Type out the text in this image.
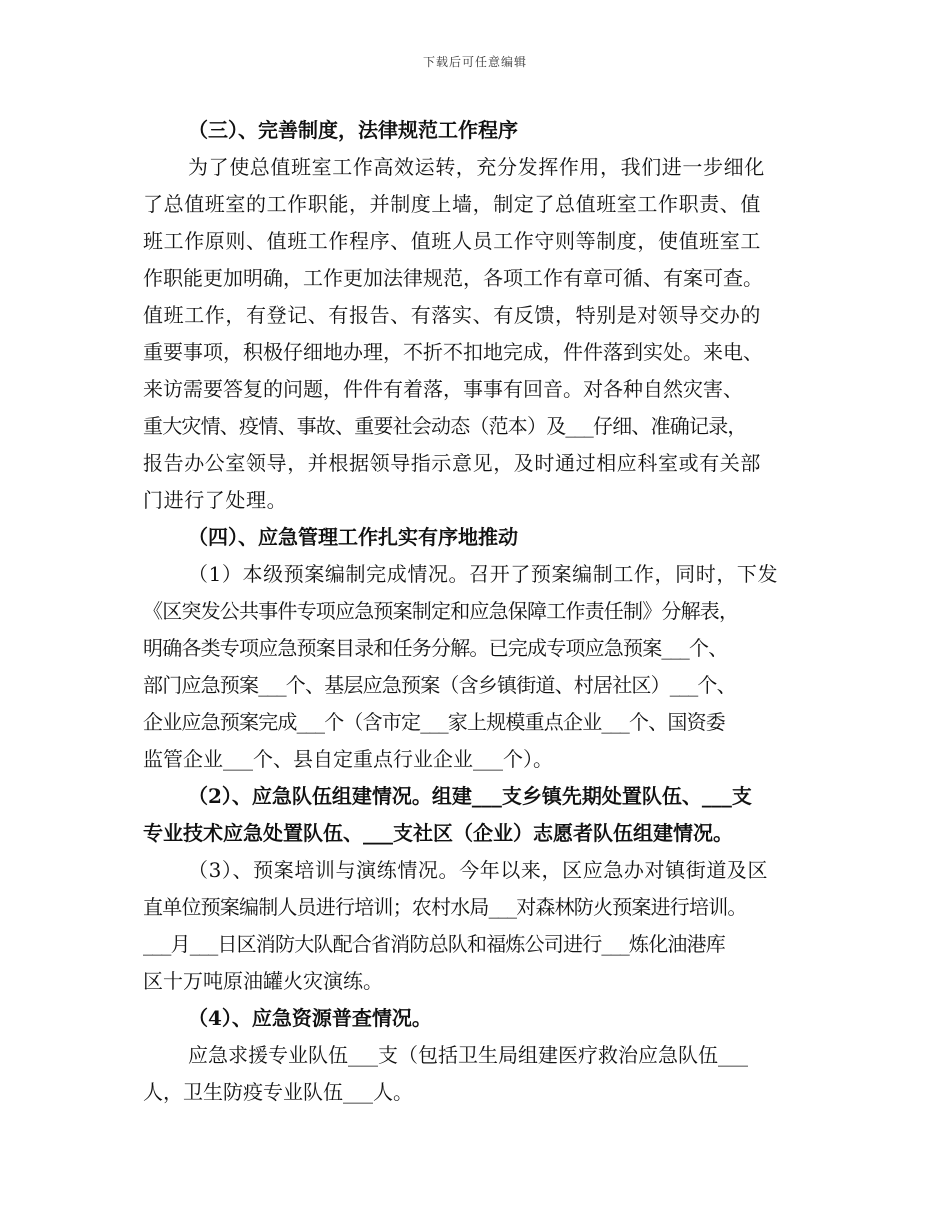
下载后可任意编辑
（三）、完善制度，法律规范工作程序
为了使总值班室工作高效运转，充分发挥作用，我们进一步细化
了总值班室的工作职能，并制度上墙，制定了总值班室工作职责、值
班工作原则、值班工作程序、值班人员工作守则等制度，使值班室工
作职能更加明确，工作更加法律规范，各项工作有章可循、有案可查。
值班工作，有登记、有报告、有落实、有反馈，特别是对领导交办的
重要事项，积极仔细地办理，不折不扣地完成，件件落到实处。来电、
来访需要答复的问题，件件有着落，事事有回音。对各种自然灾害、
重大灾情、疫情、事故、重要社会动态（范本）及___仔细、准确记录，
报告办公室领导，并根据领导指示意见，及时通过相应科室或有关部
门进行了处理。
（四）、应急管理工作扎实有序地推动
（1）本级预案编制完成情况。召开了预案编制工作，同时，下发
《区突发公共事件专项应急预案制定和应急保障工作责任制》分解表，
明确各类专项应急预案目录和任务分解。已完成专项应急预案___个、
部门应急预案___个、基层应急预案（含乡镇街道、村居社区）___个、
企业应急预案完成___个（含市定___家上规模重点企业___个、国资委
监管企业___个、县自定重点行业企业___个）。
（2）、应急队伍组建情况。组建___支乡镇先期处置队伍、___支
专业技术应急处置队伍、___支社区（企业）志愿者队伍组建情况。
（3）、预案培训与演练情况。今年以来，区应急办对镇街道及区
直单位预案编制人员进行培训；农村水局___对森林防火预案进行培训。
___月___日区消防大队配合省消防总队和福炼公司进行___炼化油港库
区十万吨原油罐火灾演练。
（4）、应急资源普查情况。
应急求援专业队伍___支（包括卫生局组建医疗救治应急队伍___
人，卫生防疫专业队伍___人。
